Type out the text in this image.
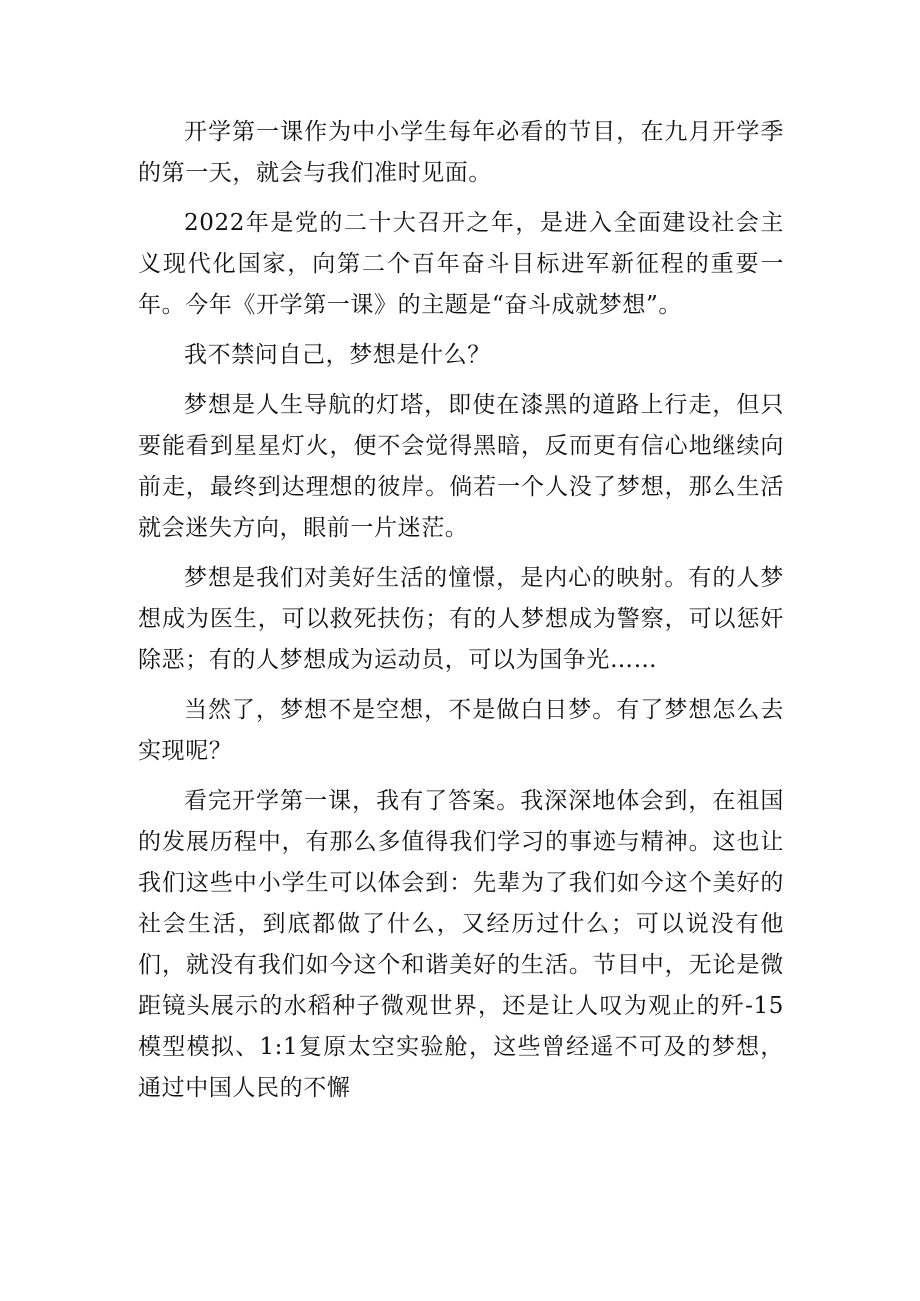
开学第一课作为中小学生每年必看的节目，在九月开学季的第一天，就会与我们准时见面。

2022年是党的二十大召开之年，是进入全面建设社会主义现代化国家，向第二个百年奋斗目标进军新征程的重要一年。今年《开学第一课》的主题是“奋斗成就梦想”。

我不禁问自己，梦想是什么？

梦想是人生导航的灯塔，即使在漆黑的道路上行走，但只要能看到星星灯火，便不会觉得黑暗，反而更有信心地继续向前走，最终到达理想的彼岸。倘若一个人没了梦想，那么生活就会迷失方向，眼前一片迷茫。

梦想是我们对美好生活的憧憬，是内心的映射。有的人梦想成为医生，可以救死扶伤；有的人梦想成为警察，可以惩奸除恶；有的人梦想成为运动员，可以为国争光……

当然了，梦想不是空想，不是做白日梦。有了梦想怎么去实现呢？

看完开学第一课，我有了答案。我深深地体会到，在祖国的发展历程中，有那么多值得我们学习的事迹与精神。这也让我们这些中小学生可以体会到：先辈为了我们如今这个美好的社会生活，到底都做了什么，又经历过什么；可以说没有他们，就没有我们如今这个和谐美好的生活。节目中，无论是微距镜头展示的水稻种子微观世界，还是让人叹为观止的歼-15模型模拟、1:1复原太空实验舱，这些曾经遥不可及的梦想，通过中国人民的不懈
